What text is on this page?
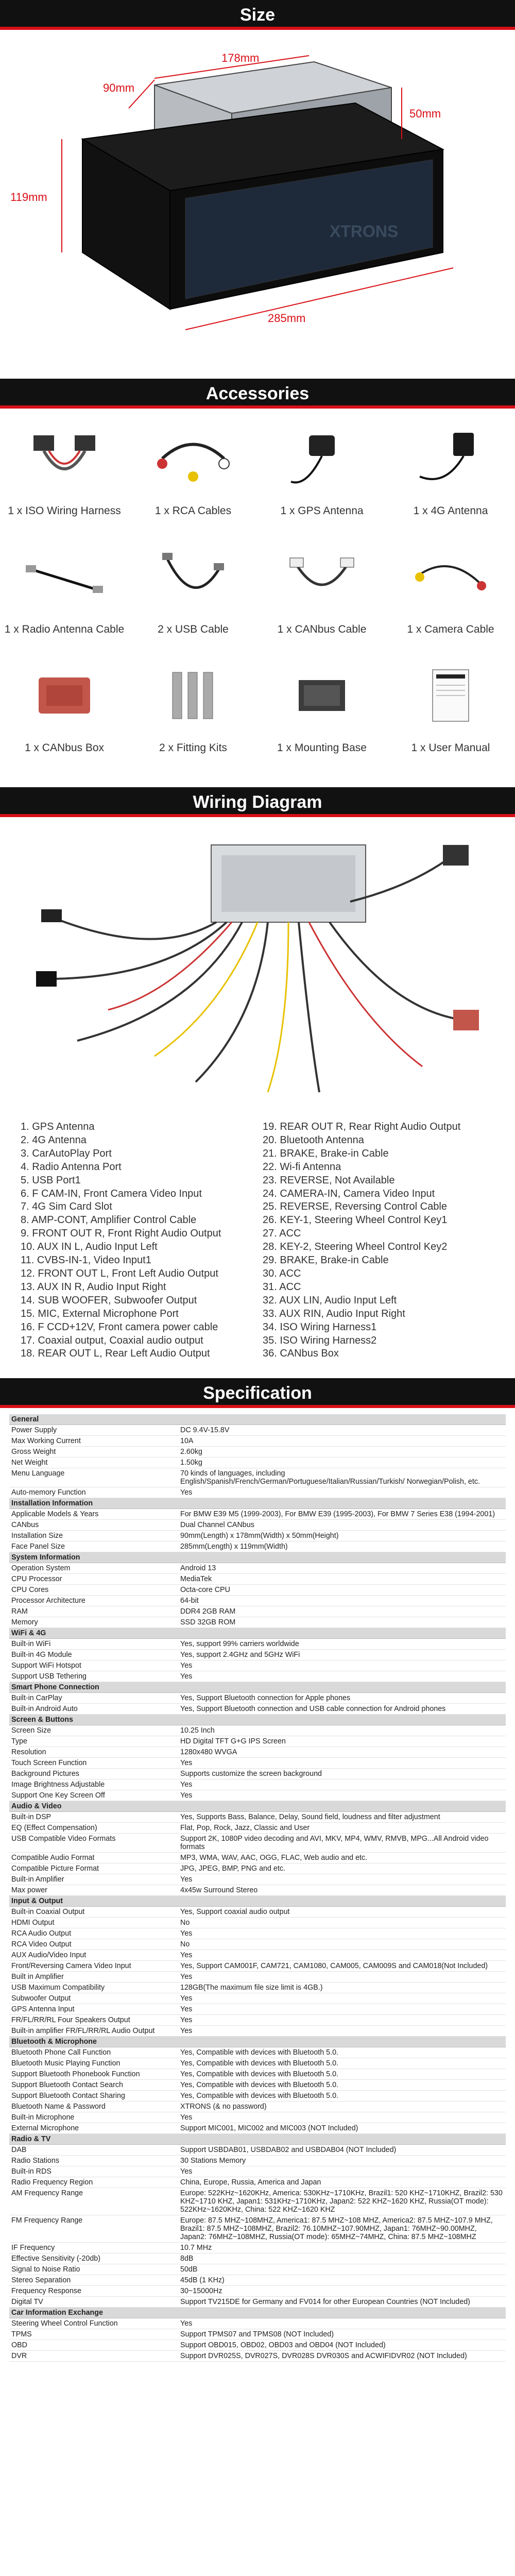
Size
XTRONS
90mm
178mm
50mm
119mm
285mm
Accessories
1 x ISO Wiring Harness	1 x RCA Cables	1 x GPS Antenna	1 x 4G Antenna
1 x Radio Antenna Cable	2 x USB Cable	1 x CANbus Cable	1 x Camera Cable
1 x CANbus Box	2 x Fitting Kits	1 x Mounting Base	1 x User Manual
Wiring Diagram
1. GPS Antenna
2. 4G Antenna
3. CarAutoPlay Port
4. Radio Antenna Port
5. USB Port1
6. F CAM-IN, Front Camera Video Input
7. 4G Sim Card Slot
8. AMP-CONT, Amplifier Control Cable
9. FRONT OUT R, Front Right Audio Output
10. AUX IN L, Audio Input Left
11. CVBS-IN-1, Video Input1
12. FRONT OUT L, Front Left Audio Output
13. AUX IN R, Audio Input Right
14. SUB WOOFER, Subwoofer Output
15. MIC, External Microphone Port
16. F CCD+12V, Front camera power cable
17. Coaxial output, Coaxial audio output
18. REAR OUT L, Rear Left Audio Output
19. REAR OUT R, Rear Right Audio Output
20. Bluetooth Antenna
21. BRAKE, Brake-in Cable
22. Wi-fi Antenna
23. REVERSE, Not Available
24. CAMERA-IN, Camera Video Input
25. REVERSE, Reversing Control Cable
26. KEY-1, Steering Wheel Control Key1
27. ACC
28. KEY-2, Steering Wheel Control Key2
29. BRAKE, Brake-in Cable
30. ACC
31. ACC
32. AUX LIN, Audio Input Left
33. AUX RIN, Audio Input Right
34. ISO Wiring Harness1
35. ISO Wiring Harness2
36. CANbus Box
Specification
General
Power Supply	DC 9.4V-15.8V
Max Working Current	10A
Gross Weight	2.60kg
Net Weight	1.50kg
Menu Language	70 kinds of languages, including English/Spanish/French/German/Portuguese/Italian/Russian/Turkish/ Norwegian/Polish, etc.
Auto-memory Function	Yes
Installation Information
Applicable Models & Years	For BMW E39 M5 (1999-2003), For BMW E39 (1995-2003), For BMW 7 Series E38 (1994-2001)
CANbus	Dual Channel CANbus
Installation Size	90mm(Length) x 178mm(Width) x 50mm(Height)
Face Panel Size	285mm(Length) x 119mm(Width)
System Information
Operation System	Android 13
CPU Processor	MediaTek
CPU Cores	Octa-core CPU
Processor Architecture	64-bit
RAM	DDR4 2GB RAM
Memory	SSD 32GB ROM
WiFi & 4G
Built-in WiFi	Yes, support 99% carriers worldwide
Built-in 4G Module	Yes, support 2.4GHz and 5GHz WiFi
Support WiFi Hotspot	Yes
Support USB Tethering	Yes
Smart Phone Connection
Built-in CarPlay	Yes, Support Bluetooth connection for Apple phones
Built-in Android Auto	Yes, Support Bluetooth connection and USB cable connection for Android phones
Screen & Buttons
Screen Size	10.25 Inch
Type	HD Digital TFT G+G IPS Screen
Resolution	1280x480 WVGA
Touch Screen Function	Yes
Background Pictures	Supports customize the screen background
Image Brightness Adjustable	Yes
Support One Key Screen Off	Yes
Audio & Video
Built-in DSP	Yes, Supports Bass, Balance, Delay, Sound field, loudness and filter adjustment
EQ (Effect Compensation)	Flat, Pop, Rock, Jazz, Classic and User
USB Compatible Video Formats	Support 2K, 1080P video decoding and AVI, MKV, MP4, WMV, RMVB, MPG...All Android video formats
Compatible Audio Format	MP3, WMA, WAV, AAC, OGG, FLAC, Web audio and etc.
Compatible Picture Format	JPG, JPEG, BMP, PNG and etc.
Built-in Amplifier	Yes
Max power	4x45w Surround Stereo
Input & Output
Built-in Coaxial Output	Yes, Support coaxial audio output
HDMI Output	No
RCA Audio Output	Yes
RCA Video Output	No
AUX Audio/Video Input	Yes
Front/Reversing Camera Video Input	Yes, Support CAM001F, CAM721, CAM1080, CAM005, CAM009S and CAM018(Not Included)
Built in Amplifier	Yes
USB Maximum Compatibility	128GB(The maximum file size limit is 4GB.)
Subwoofer Output	Yes
GPS Antenna Input	Yes
FR/FL/RR/RL Four Speakers Output	Yes
Built-in amplifier FR/FL/RR/RL Audio Output	Yes
Bluetooth & Microphone
Bluetooth Phone Call Function	Yes, Compatible with devices with Bluetooth 5.0.
Bluetooth Music Playing Function	Yes, Compatible with devices with Bluetooth 5.0.
Support Bluetooth Phonebook Function	Yes, Compatible with devices with Bluetooth 5.0.
Support Bluetooth Contact Search	Yes, Compatible with devices with Bluetooth 5.0.
Support Bluetooth Contact Sharing	Yes, Compatible with devices with Bluetooth 5.0.
Bluetooth Name & Password	XTRONS (& no password)
Built-in Microphone	Yes
External Microphone	Support MIC001, MIC002 and MIC003 (NOT Included)
Radio & TV
DAB	Support USBDAB01, USBDAB02 and USBDAB04 (NOT Included)
Radio Stations	30 Stations Memory
Built-in RDS	Yes
Radio Frequency Region	China, Europe, Russia, America and Japan
AM Frequency Range	Europe: 522KHz~1620KHz, America: 530KHz~1710KHz, Brazil1: 520 KHZ~1710KHZ, Brazil2: 530 KHZ~1710 KHZ, Japan1: 531KHz~1710KHz, Japan2: 522 KHZ~1620 KHZ, Russia(OT mode): 522KHz~1620KHz, China: 522 KHZ~1620 KHZ
FM Frequency Range	Europe: 87.5 MHZ~108MHZ, America1: 87.5 MHZ~108 MHZ, America2: 87.5 MHZ~107.9 MHZ, Brazil1: 87.5 MHZ~108MHZ, Brazil2: 76.10MHZ~107.90MHZ, Japan1: 76MHZ~90.00MHZ, Japan2: 76MHZ~108MHZ, Russia(OT mode): 65MHZ~74MHZ, China: 87.5 MHZ~108MHZ
IF Frequency	10.7 MHz
Effective Sensitivity (-20db)	8dB
Signal to Noise Ratio	50dB
Stereo Separation	45dB (1 KHz)
Frequency Response	30~15000Hz
Digital TV	Support TV215DE for Germany and FV014 for other European Countries (NOT Included)
Car Information Exchange
Steering Wheel Control Function	Yes
TPMS	Support TPMS07 and TPMS08 (NOT Included)
OBD	Support OBD015, OBD02, OBD03 and OBD04 (NOT Included)
DVR	Support DVR025S, DVR027S, DVR028S DVR030S and ACWIFIDVR02 (NOT Included)
